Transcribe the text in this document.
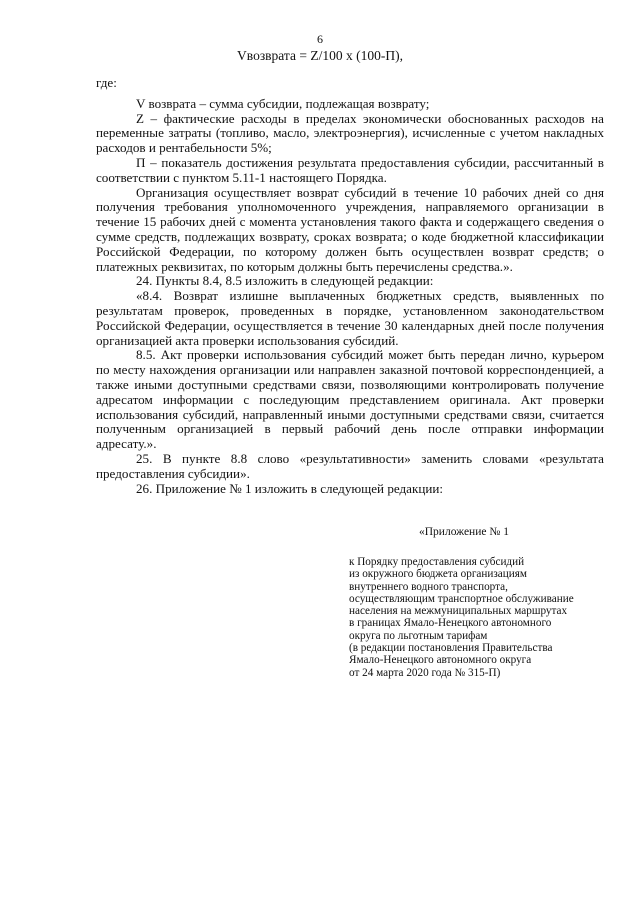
6
Vвозврата = Z/100 x (100-П),

где:

V возврата – сумма субсидии, подлежащая возврату;

Z – фактические расходы в пределах экономически обоснованных расходов на переменные затраты (топливо, масло, электроэнергия), исчисленные с учетом накладных расходов и рентабельности 5%;

П – показатель достижения результата предоставления субсидии, рассчитанный в соответствии с пунктом 5.11-1 настоящего Порядка.

Организация осуществляет возврат субсидий в течение 10 рабочих дней со дня получения требования уполномоченного учреждения, направляемого организации в течение 15 рабочих дней с момента установления такого факта и содержащего сведения о сумме средств, подлежащих возврату, сроках возврата; о коде бюджетной классификации Российской Федерации, по которому должен быть осуществлен возврат средств; о платежных реквизитах, по которым должны быть перечислены средства.».

24. Пункты 8.4, 8.5 изложить в следующей редакции:

«8.4. Возврат излишне выплаченных бюджетных средств, выявленных по результатам проверок, проведенных в порядке, установленном законодательством Российской Федерации, осуществляется в течение 30 календарных дней после получения организацией акта проверки использования субсидий.

8.5. Акт проверки использования субсидий может быть передан лично, курьером по месту нахождения организации или направлен заказной почтовой корреспонденцией, а также иными доступными средствами связи, позволяющими контролировать получение адресатом информации с последующим представлением оригинала. Акт проверки использования субсидий, направленный иными доступными средствами связи, считается полученным организацией в первый рабочий день после отправки информации адресату.».

25. В пункте 8.8 слово «результативности» заменить словами «результата предоставления субсидии».

26. Приложение № 1 изложить в следующей редакции:

«Приложение № 1
к Порядку предоставления субсидий
из окружного бюджета организациям
внутреннего водного транспорта,
осуществляющим транспортное обслуживание
населения на межмуниципальных маршрутах
в границах Ямало-Ненецкого автономного
округа по льготным тарифам
(в редакции постановления Правительства
Ямало-Ненецкого автономного округа
от 24 марта 2020 года № 315-П)
